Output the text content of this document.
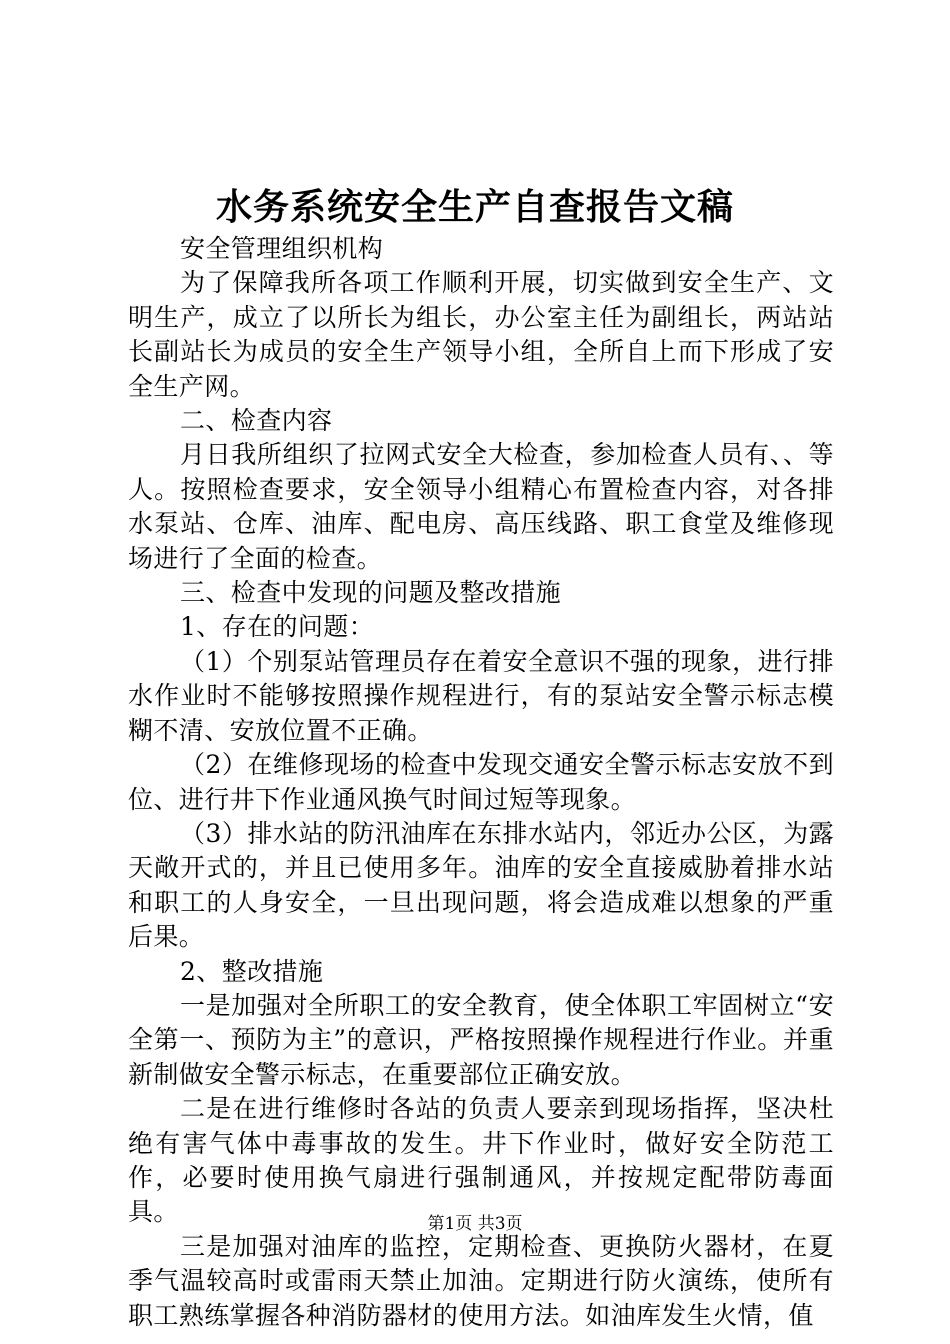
水务系统安全生产自查报告文稿

安全管理组织机构

为了保障我所各项工作顺利开展，切实做到安全生产、文明生产，成立了以所长为组长，办公室主任为副组长，两站站长副站长为成员的安全生产领导小组，全所自上而下形成了安全生产网。

二、检查内容

月日我所组织了拉网式安全大检查，参加检查人员有、、等人。按照检查要求，安全领导小组精心布置检查内容，对各排水泵站、仓库、油库、配电房、高压线路、职工食堂及维修现场进行了全面的检查。

三、检查中发现的问题及整改措施

1、存在的问题：

（1）个别泵站管理员存在着安全意识不强的现象，进行排水作业时不能够按照操作规程进行，有的泵站安全警示标志模糊不清、安放位置不正确。

（2）在维修现场的检查中发现交通安全警示标志安放不到位、进行井下作业通风换气时间过短等现象。

（3）排水站的防汛油库在东排水站内，邻近办公区，为露天敞开式的，并且已使用多年。油库的安全直接威胁着排水站和职工的人身安全，一旦出现问题，将会造成难以想象的严重后果。

2、整改措施

一是加强对全所职工的安全教育，使全体职工牢固树立“安全第一、预防为主”的意识，严格按照操作规程进行作业。并重新制做安全警示标志，在重要部位正确安放。

二是在进行维修时各站的负责人要亲到现场指挥，坚决杜绝有害气体中毒事故的发生。井下作业时，做好安全防范工作，必要时使用换气扇进行强制通风，并按规定配带防毒面具。

三是加强对油库的监控，定期检查、更换防火器材，在夏季气温较高时或雷雨天禁止加油。定期进行防火演练，使所有职工熟练掌握各种消防器材的使用方法。如油库发生火情，值

第1页 共3页
